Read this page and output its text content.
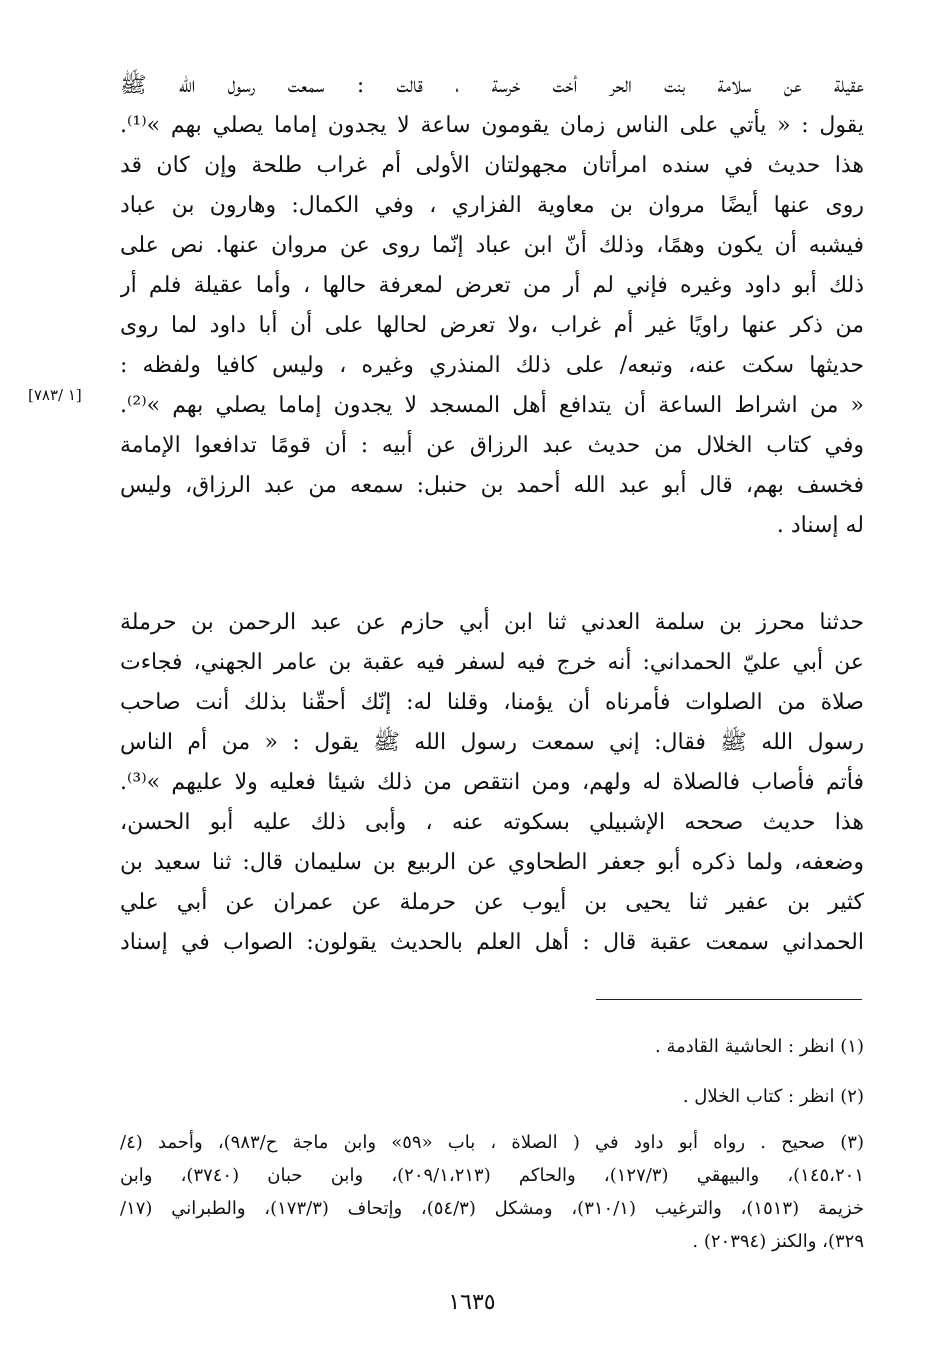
عقيلة عن سلامة بنت الحر أخت خرسة ، قالت : سمعت رسول الله ﷺ
يقول : « يأتي على الناس زمان يقومون ساعة لا يجدون إماما يصلي بهم »⁽¹⁾.
هذا حديث في سنده امرأتان مجهولتان الأولى أم غراب طلحة وإن كان قد
روى عنها أيضًا مروان بن معاوية الفزاري ، وفي الكمال: وهارون بن عباد
فيشبه أن يكون وهمًا، وذلك أنّ ابن عباد إنّما روى عن مروان عنها. نص على
ذلك أبو داود وغيره فإني لم أر من تعرض لمعرفة حالها ، وأما عقيلة فلم أر
من ذكر عنها راويًا غير أم غراب ،ولا تعرض لحالها على أن أبا داود لما روى
حديثها سكت عنه، وتبعه/ على ذلك المنذري وغيره ، وليس كافيا ولفظه :
« من اشراط الساعة أن يتدافع أهل المسجد لا يجدون إماما يصلي بهم »⁽²⁾.
وفي كتاب الخلال من حديث عبد الرزاق عن أبيه : أن قومًا تدافعوا الإمامة
فخسف بهم، قال أبو عبد الله أحمد بن حنبل: سمعه من عبد الرزاق، وليس
له إسناد .
[١ /٧٨٣]
حدثنا محرز بن سلمة العدني ثنا ابن أبي حازم عن عبد الرحمن بن حرملة
عن أبي عليّ الحمداني: أنه خرج فيه لسفر فيه عقبة بن عامر الجهني، فجاءت
صلاة من الصلوات فأمرناه أن يؤمنا، وقلنا له: إنّك أحقّنا بذلك أنت صاحب
رسول الله ﷺ فقال: إني سمعت رسول الله ﷺ يقول : « من أم الناس
فأتم فأصاب فالصلاة له ولهم، ومن انتقص من ذلك شيئا فعليه ولا عليهم »⁽³⁾.
هذا حديث صححه الإشبيلي بسكوته عنه ، وأبى ذلك عليه أبو الحسن،
وضعفه، ولما ذكره أبو جعفر الطحاوي عن الربيع بن سليمان قال: ثنا سعيد بن
كثير بن عفير ثنا يحيى بن أيوب عن حرملة عن عمران عن أبي علي
الحمداني سمعت عقبة قال : أهل العلم بالحديث يقولون: الصواب في إسناد
(١) انظر : الحاشية القادمة .
(٢) انظر : كتاب الخلال .
(٣) صحيح . رواه أبو داود في ( الصلاة ، باب «٥٩» وابن ماجة ح/٩٨٣)، وأحمد (٤/
١٤٥،٢٠١)، والبيهقي (١٢٧/٣)، والحاكم (٢٠٩/١،٢١٣)، وابن حبان (٣٧٤٠)، وابن
خزيمة (١٥١٣)، والترغيب (٣١٠/١)، ومشكل (٥٤/٣)، وإتحاف (١٧٣/٣)، والطبراني (١٧/
٣٢٩)، والكنز (٢٠٣٩٤) .
١٦٣٥
